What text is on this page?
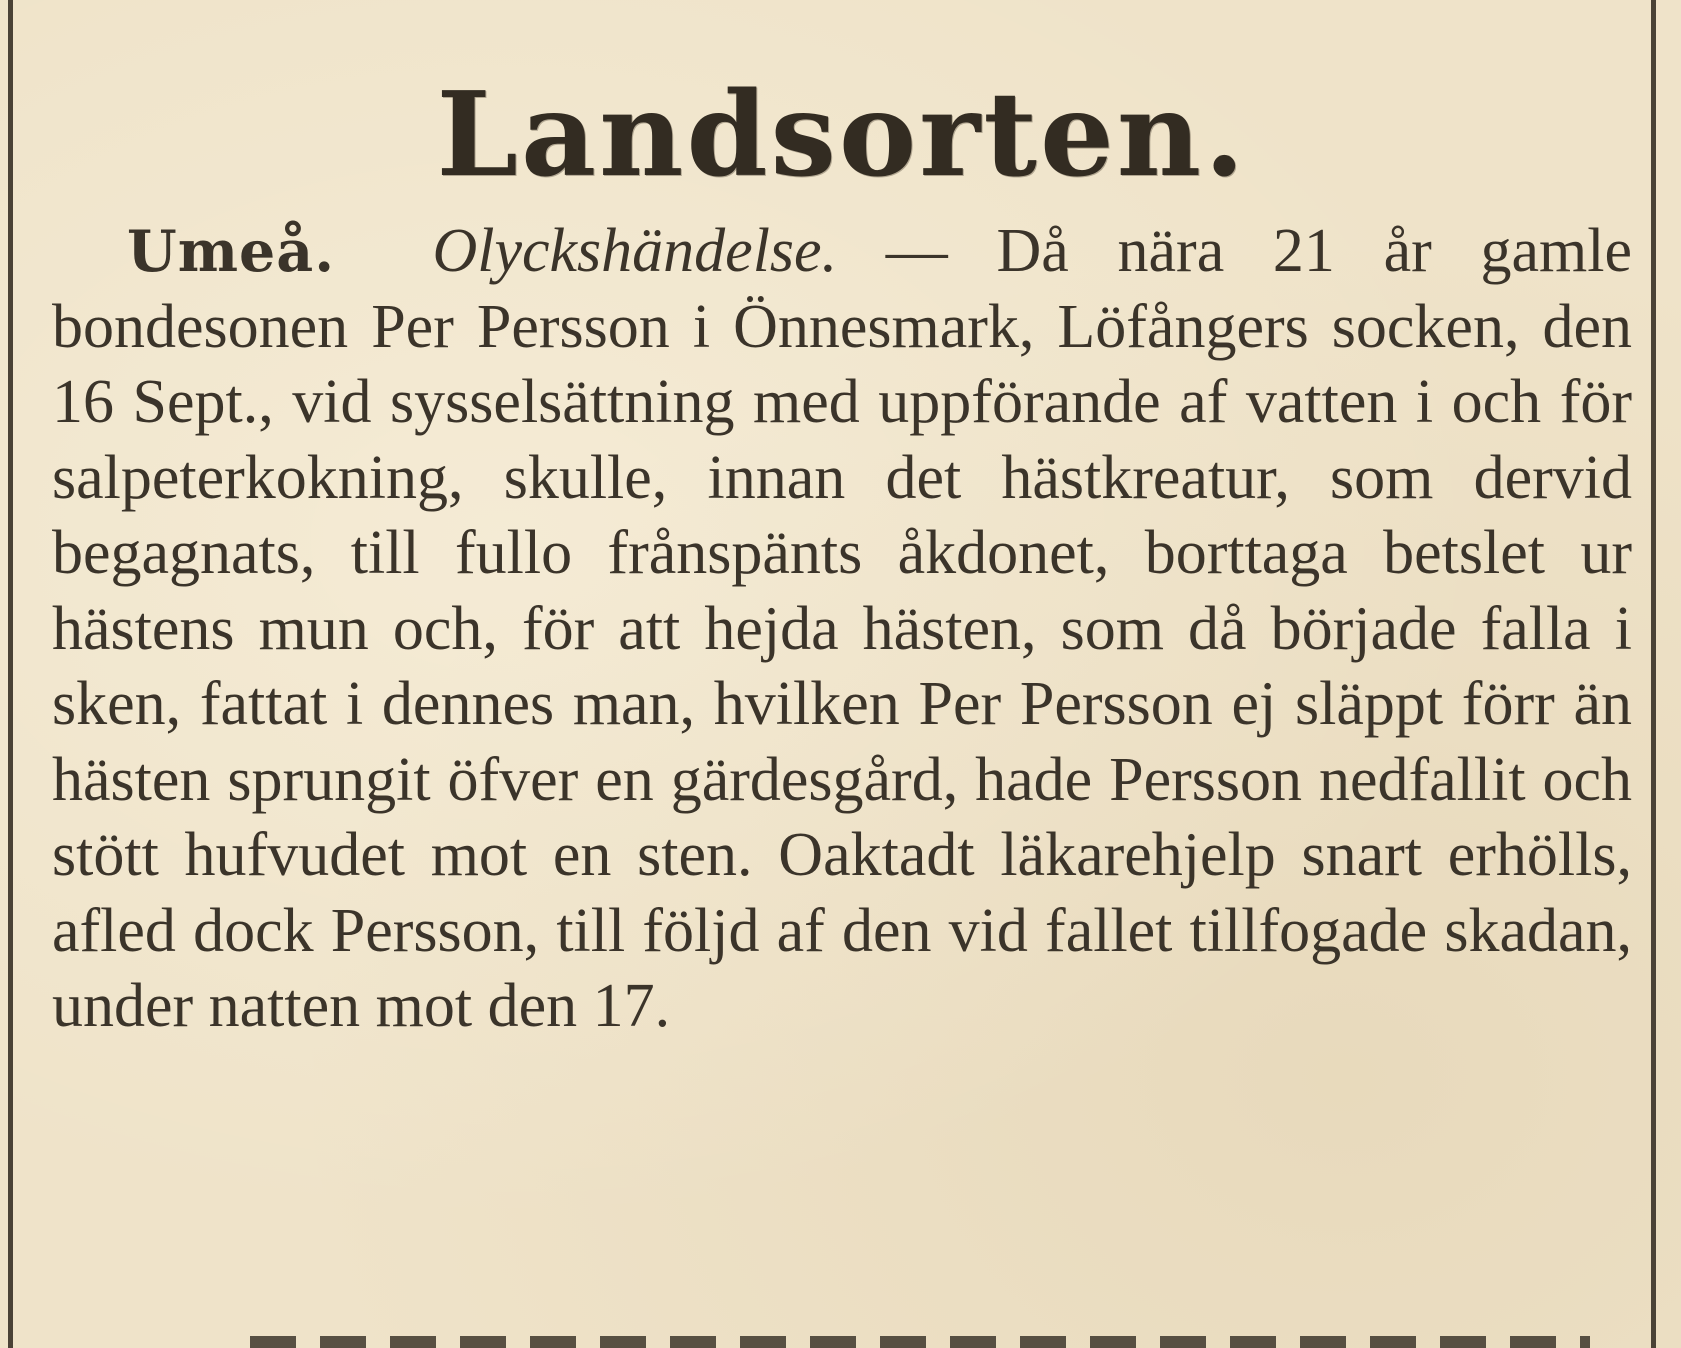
Landsorten.

Umeå. Olyckshändelse. — Då nära 21 år gamle bondesonen Per Persson i Önnesmark, Löfångers socken, den 16 Sept., vid sysselsättning med uppförande af vatten i och för salpeterkokning, skulle, innan det hästkreatur, som dervid begagnats, till fullo frånspänts åkdonet, borttaga betslet ur hästens mun och, för att hejda hästen, som då började falla i sken, fattat i dennes man, hvilken Per Persson ej släppt förr än hästen sprungit öfver en gärdesgård, hade Persson nedfallit och stött hufvudet mot en sten. Oaktadt läkarehjelp snart erhölls, afled dock Persson, till följd af den vid fallet tillfogade skadan, under natten mot den 17.
